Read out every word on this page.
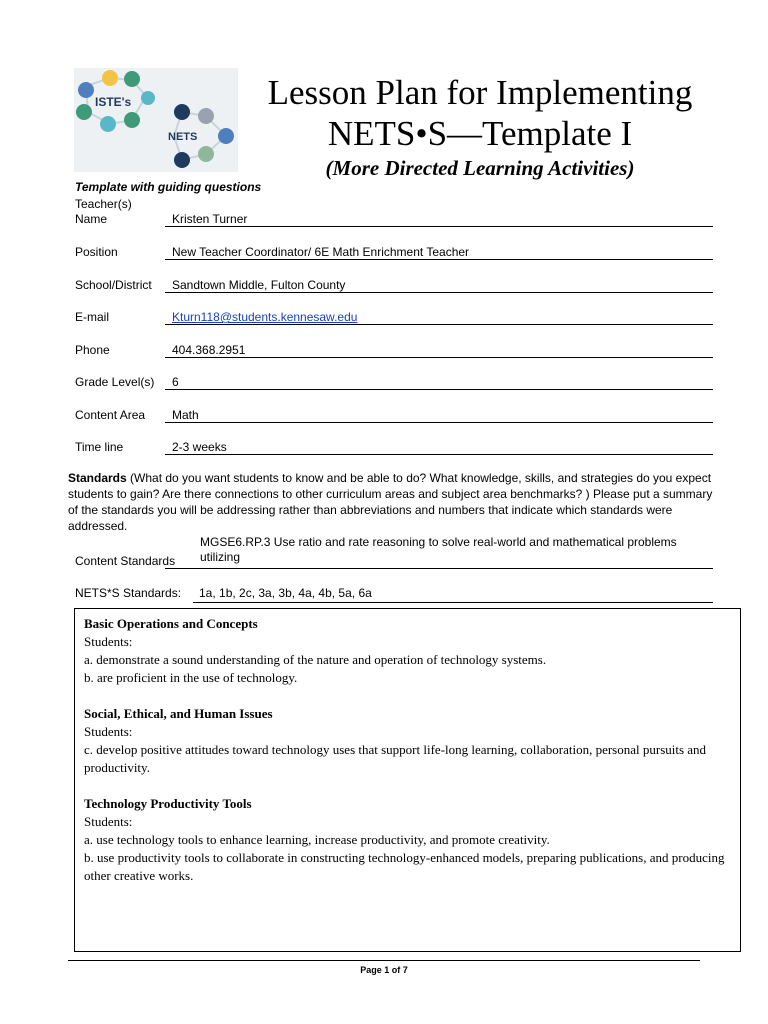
ISTE's
NETS
Lesson Plan for Implementing
NETS•S—Template I
(More Directed Learning Activities)
Template with guiding questions
Teacher(s)
Name	Kristen Turner
Position	New Teacher Coordinator/ 6E Math Enrichment Teacher
School/District	Sandtown Middle, Fulton County
E-mail	Kturn118@students.kennesaw.edu
Phone	404.368.2951
Grade Level(s)	6
Content Area	Math
Time line	2-3 weeks
Standards (What do you want students to know and be able to do? What knowledge, skills, and strategies do you expect students to gain? Are there connections to other curriculum areas and subject area benchmarks? ) Please put a summary of the standards you will be addressing rather than abbreviations and numbers that indicate which standards were addressed.
Content Standards
MGSE6.RP.3 Use ratio and rate reasoning to solve real-world and mathematical problems
utilizing
NETS*S Standards:	1a, 1b, 2c, 3a, 3b, 4a, 4b, 5a, 6a
Basic Operations and Concepts
Students:
a. demonstrate a sound understanding of the nature and operation of technology systems.
b. are proficient in the use of technology.
Social, Ethical, and Human Issues
Students:
c. develop positive attitudes toward technology uses that support life-long learning, collaboration, personal pursuits and productivity.
Technology Productivity Tools
Students:
a. use technology tools to enhance learning, increase productivity, and promote creativity.
b. use productivity tools to collaborate in constructing technology-enhanced models, preparing publications, and producing other creative works.
Page 1 of 7
